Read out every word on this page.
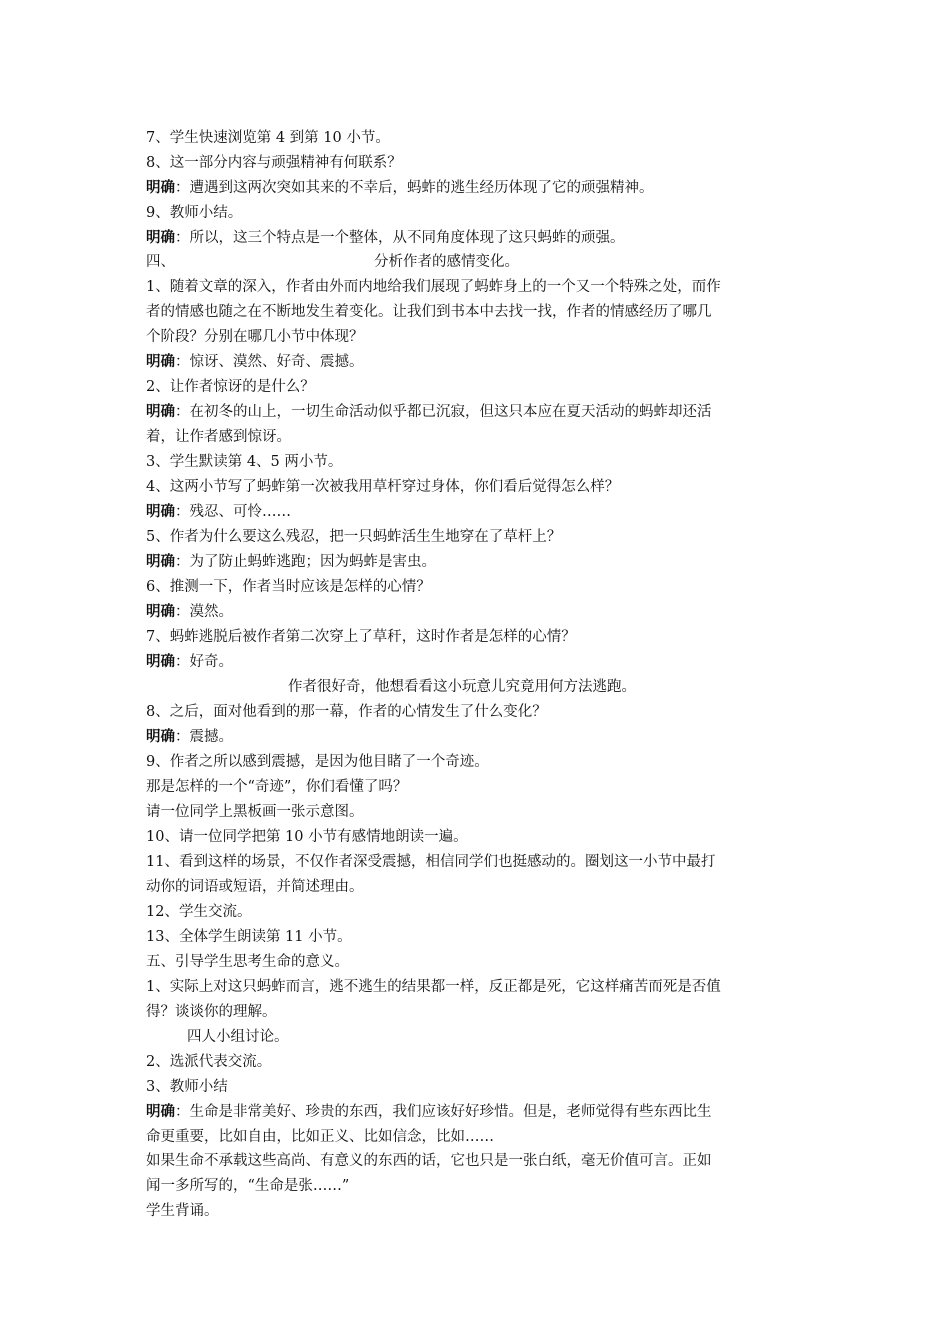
7、学生快速浏览第 4 到第 10 小节。
8、这一部分内容与顽强精神有何联系？
明确：遭遇到这两次突如其来的不幸后，蚂蚱的逃生经历体现了它的顽强精神。
9、教师小结。
明确：所以，这三个特点是一个整体，从不同角度体现了这只蚂蚱的顽强。
四、	分析作者的感情变化。
1、随着文章的深入，作者由外而内地给我们展现了蚂蚱身上的一个又一个特殊之处，而作
者的情感也随之在不断地发生着变化。让我们到书本中去找一找，作者的情感经历了哪几
个阶段？分别在哪几小节中体现？
明确：惊讶、漠然、好奇、震撼。
2、让作者惊讶的是什么？
明确：在初冬的山上，一切生命活动似乎都已沉寂，但这只本应在夏天活动的蚂蚱却还活
着，让作者感到惊讶。
3、学生默读第 4、5 两小节。
4、这两小节写了蚂蚱第一次被我用草杆穿过身体，你们看后觉得怎么样？
明确：残忍、可怜……
5、作者为什么要这么残忍，把一只蚂蚱活生生地穿在了草杆上？
明确：为了防止蚂蚱逃跑；因为蚂蚱是害虫。
6、推测一下，作者当时应该是怎样的心情？
明确：漠然。
7、蚂蚱逃脱后被作者第二次穿上了草秆，这时作者是怎样的心情？
明确：好奇。
作者很好奇，他想看看这小玩意儿究竟用何方法逃跑。
8、之后，面对他看到的那一幕，作者的心情发生了什么变化？
明确：震撼。
9、作者之所以感到震撼，是因为他目睹了一个奇迹。
那是怎样的一个“奇迹”，你们看懂了吗？
请一位同学上黑板画一张示意图。
10、请一位同学把第 10 小节有感情地朗读一遍。
11、看到这样的场景，不仅作者深受震撼，相信同学们也挺感动的。圈划这一小节中最打
动你的词语或短语，并简述理由。
12、学生交流。
13、全体学生朗读第 11 小节。
五、引导学生思考生命的意义。
1、实际上对这只蚂蚱而言，逃不逃生的结果都一样，反正都是死，它这样痛苦而死是否值
得？谈谈你的理解。
四人小组讨论。
2、选派代表交流。
3、教师小结
明确：生命是非常美好、珍贵的东西，我们应该好好珍惜。但是，老师觉得有些东西比生
命更重要，比如自由，比如正义、比如信念，比如……
如果生命不承载这些高尚、有意义的东西的话，它也只是一张白纸，毫无价值可言。正如
闻一多所写的，“生命是张……”
学生背诵。
